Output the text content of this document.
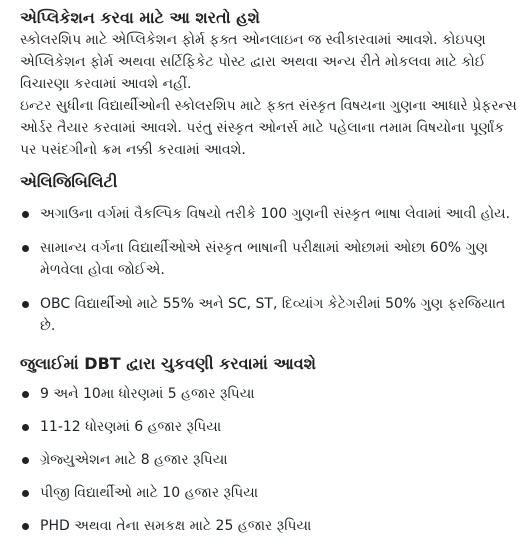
એપ્લિકેશન કરવા માટે આ શરતો હશે

સ્કોલરશિપ માટે એપ્લિકેશન ફોર્મ ફક્ત ઓનલાઇન જ સ્વીકારવામાં આવશે. કોઇપણ એપ્લિકેશન ફોર્મ અથવા સર્ટિફિકેટ પોસ્ટ દ્વારા અથવા અન્ય રીતે મોકલવા માટે કોઈ વિચારણા કરવામાં આવશે નહીં.

ઇન્ટર સુધીના વિદ્યાર્થીઓની સ્કોલરશિપ માટે ફક્ત સંસ્કૃત વિષયના ગુણના આધારે પ્રેફરન્સ ઓર્ડર તૈયાર કરવામાં આવશે. પરંતુ સંસ્કૃત ઓનર્સ માટે પહેલાના તમામ વિષયોના પૂર્ણાંક પર પસંદગીનો ક્રમ નક્કી કરવામાં આવશે.

એલિજિબિલિટી
અગાઉના વર્ગમાં વૈકલ્પિક વિષયો તરીકે 100 ગુણની સંસ્કૃત ભાષા લેવામાં આવી હોય.
સામાન્ય વર્ગના વિદ્યાર્થીઓએ સંસ્કૃત ભાષાની પરીક્ષામાં ઓછામાં ઓછા 60% ગુણ મેળવેલા હોવા જોઈએ.
OBC વિદ્યાર્થીઓ માટે 55% અને SC, ST, દિવ્યાંગ કેટેગરીમાં 50% ગુણ ફરજિયાત છે.
જુલાઈમાં DBT દ્વારા ચુકવણી કરવામાં આવશે
9 અને 10મા ધોરણમાં 5 હજાર રૂપિયા
11-12 ધોરણમાં 6 હજાર રૂપિયા
ગ્રેજ્યુએશન માટે 8 હજાર રૂપિયા
પીજી વિદ્યાર્થીઓ માટે 10 હજાર રૂપિયા
PHD અથવા તેના સમકક્ષ માટે 25 હજાર રૂપિયા
